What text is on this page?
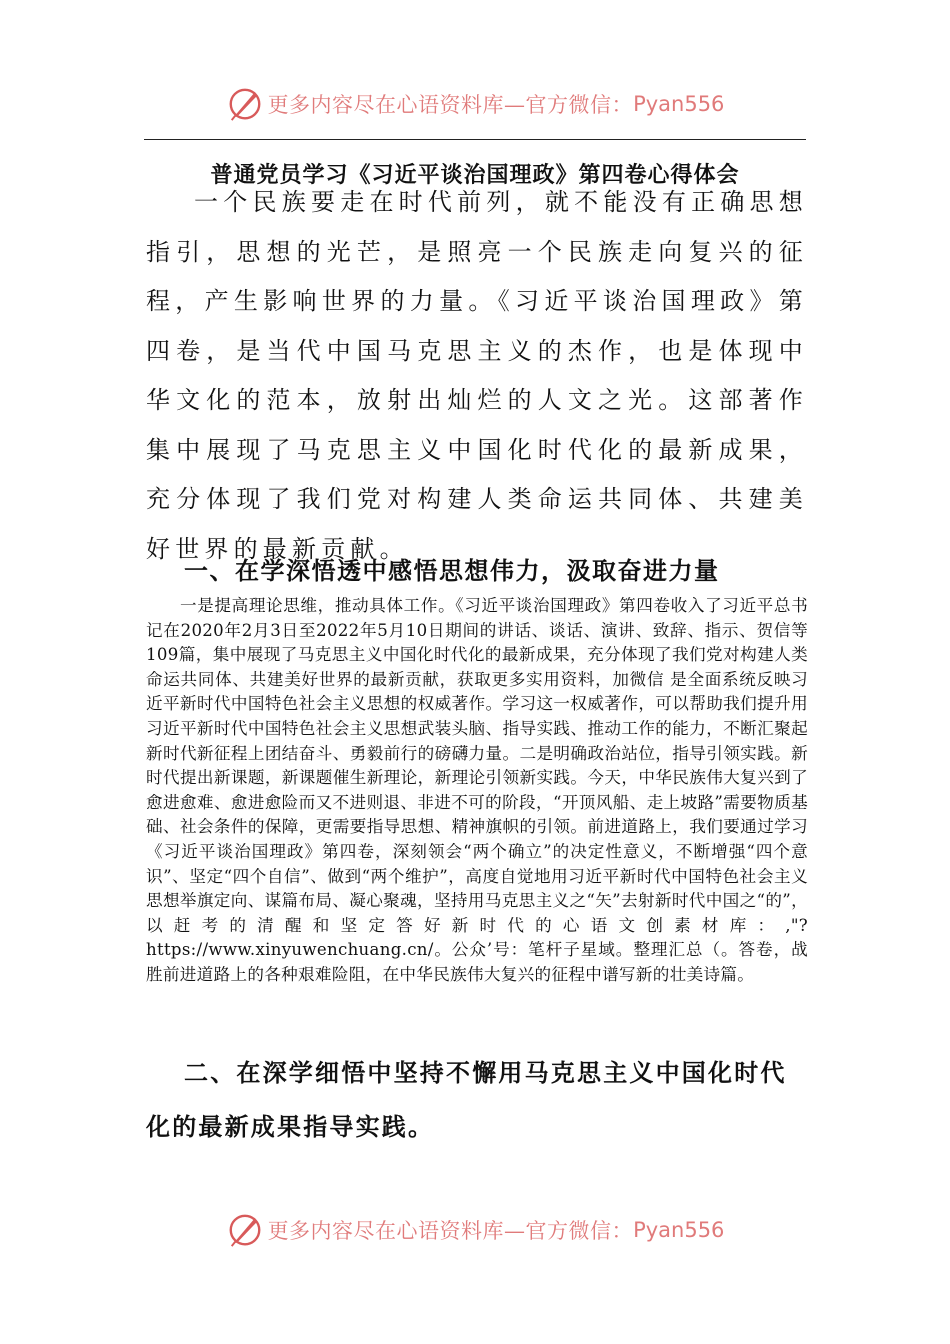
更多内容尽在心语资料库—官方微信： Pyan556
普通党员学习《习近平谈治国理政》第四卷心得体会

一个民族要走在时代前列，就不能没有正确思想指引，思想的光芒，是照亮一个民族走向复兴的征程，产生影响世界的力量。《习近平谈治国理政》第四卷，是当代中国马克思主义的杰作，也是体现中华文化的范本，放射出灿烂的人文之光。这部著作集中展现了马克思主义中国化时代化的最新成果，充分体现了我们党对构建人类命运共同体、共建美好世界的最新贡献。

一、在学深悟透中感悟思想伟力，汲取奋进力量

一是提高理论思维，推动具体工作。《习近平谈治国理政》第四卷收入了习近平总书记在2020年2月3日至2022年5月10日期间的讲话、谈话、演讲、致辞、指示、贺信等109篇，集中展现了马克思主义中国化时代化的最新成果，充分体现了我们党对构建人类命运共同体、共建美好世界的最新贡献，获取更多实用资料，加微信 是全面系统反映习近平新时代中国特色社会主义思想的权威著作。学习这一权威著作，可以帮助我们提升用习近平新时代中国特色社会主义思想武装头脑、指导实践、推动工作的能力，不断汇聚起新时代新征程上团结奋斗、勇毅前行的磅礴力量。二是明确政治站位，指导引领实践。新时代提出新课题，新课题催生新理论，新理论引领新实践。今天，中华民族伟大复兴到了愈进愈难、愈进愈险而又不进则退、非进不可的阶段，“开顶风船、走上坡路”需要物质基础、社会条件的保障，更需要指导思想、精神旗帜的引领。前进道路上，我们要通过学习《习近平谈治国理政》第四卷，深刻领会“两个确立”的决定性意义，不断增强“四个意识”、坚定“四个自信”、做到“两个维护”，高度自觉地用习近平新时代中国特色社会主义思想举旗定向、谋篇布局、凝心聚魂，坚持用马克思主义之“矢”去射新时代中国之“的”，以赶考的清醒和坚定答好新时代的心语文创素材库：,"?https://www.xinyuwenchuang.cn/。公众’号：笔杆子星域。整理汇总（。答卷，战胜前进道路上的各种艰难险阻，在中华民族伟大复兴的征程中谱写新的壮美诗篇。

二、在深学细悟中坚持不懈用马克思主义中国化时代化的最新成果指导实践。

更多内容尽在心语资料库—官方微信： Pyan556
